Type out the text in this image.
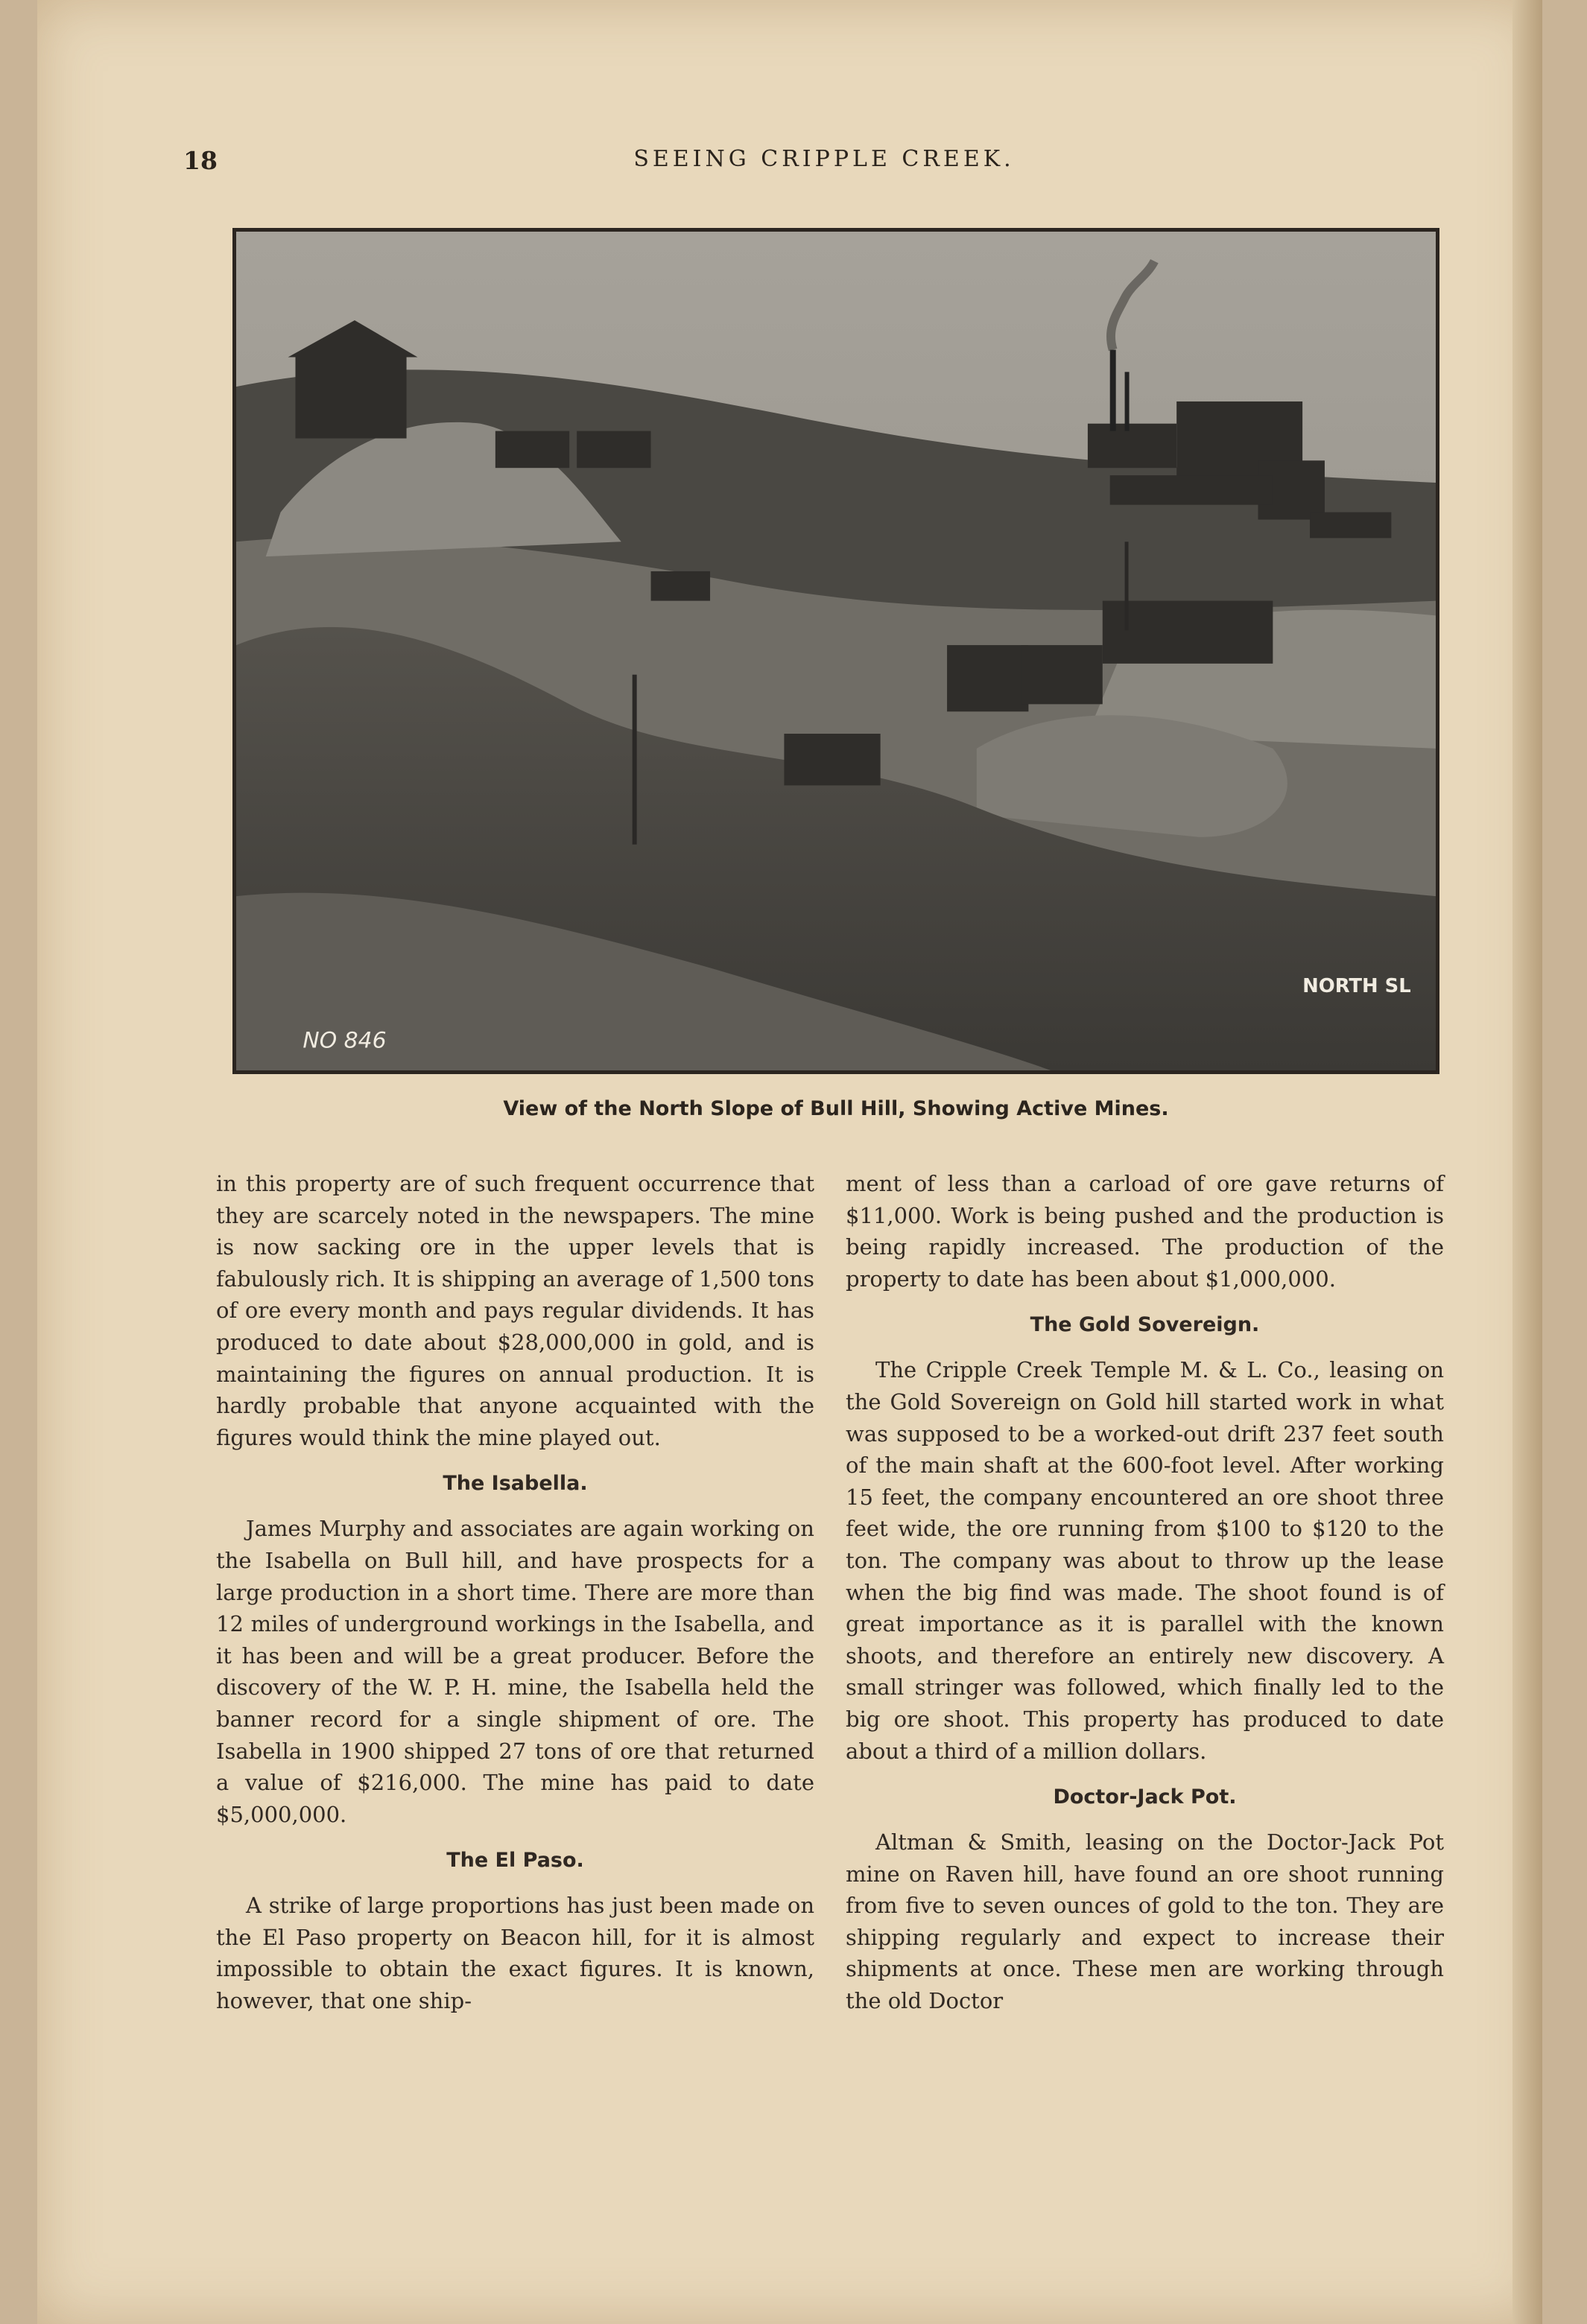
18	SEEING CRIPPLE CREEK.
NO 846
NORTH SL
View of the North Slope of Bull Hill, Showing Active Mines.

in this property are of such frequent occurrence that they are scarcely noted in the newspapers. The mine is now sacking ore in the upper levels that is fabulously rich. It is shipping an average of 1,500 tons of ore every month and pays regular dividends. It has produced to date about $28,000,000 in gold, and is maintaining the figures on annual production. It is hardly probable that anyone acquainted with the figures would think the mine played out.

The Isabella.

James Murphy and associates are again working on the Isabella on Bull hill, and have prospects for a large production in a short time. There are more than 12 miles of underground workings in the Isabella, and it has been and will be a great producer. Before the discovery of the W. P. H. mine, the Isabella held the banner record for a single shipment of ore. The Isabella in 1900 shipped 27 tons of ore that returned a value of $216,000. The mine has paid to date $5,000,000.

The El Paso.

A strike of large proportions has just been made on the El Paso property on Beacon hill, for it is almost impossible to obtain the exact figures. It is known, however, that one ship-

ment of less than a carload of ore gave returns of $11,000. Work is being pushed and the production is being rapidly increased. The production of the property to date has been about $1,000,000.

The Gold Sovereign.

The Cripple Creek Temple M. & L. Co., leasing on the Gold Sovereign on Gold hill started work in what was supposed to be a worked-out drift 237 feet south of the main shaft at the 600-foot level. After working 15 feet, the company encountered an ore shoot three feet wide, the ore running from $100 to $120 to the ton. The company was about to throw up the lease when the big find was made. The shoot found is of great importance as it is parallel with the known shoots, and therefore an entirely new discovery. A small stringer was followed, which finally led to the big ore shoot. This property has produced to date about a third of a million dollars.

Doctor-Jack Pot.

Altman & Smith, leasing on the Doctor-Jack Pot mine on Raven hill, have found an ore shoot running from five to seven ounces of gold to the ton. They are shipping regularly and expect to increase their shipments at once. These men are working through the old Doctor
